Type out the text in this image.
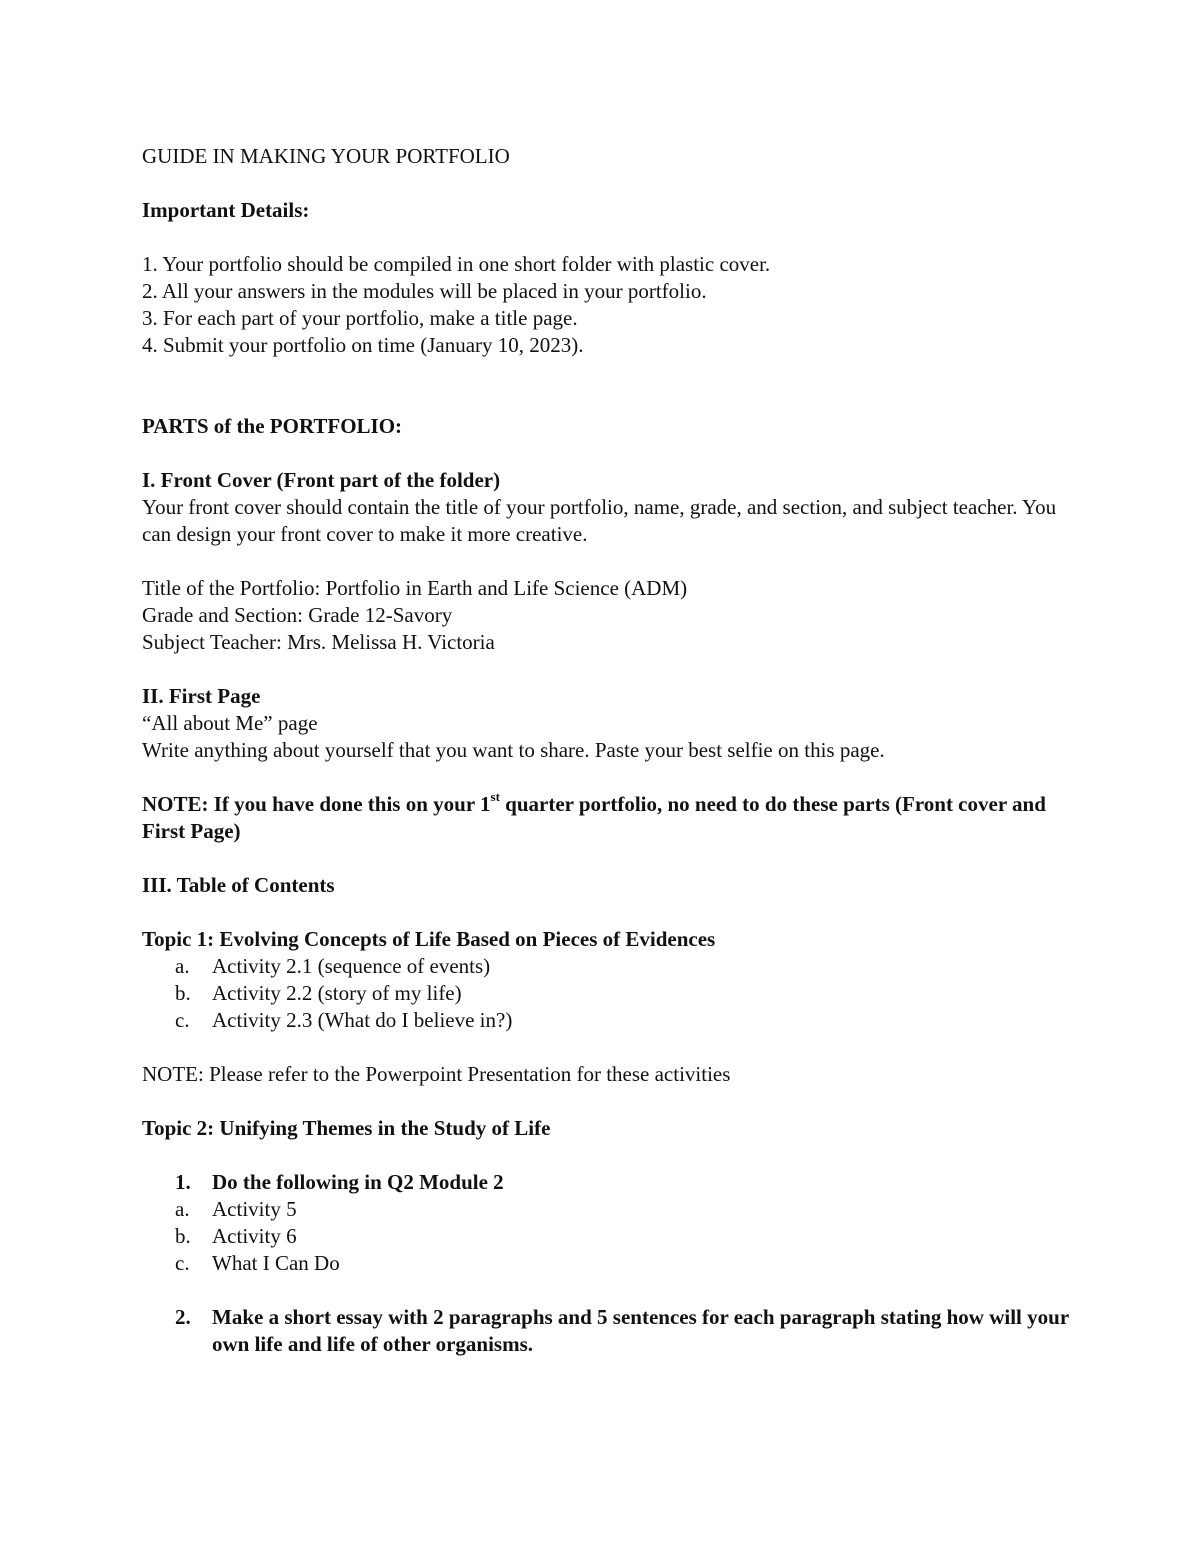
GUIDE IN MAKING YOUR PORTFOLIO

Important Details:

1. Your portfolio should be compiled in one short folder with plastic cover.

2. All your answers in the modules will be placed in your portfolio.

3. For each part of your portfolio, make a title page.

4. Submit your portfolio on time (January 10, 2023).

PARTS of the PORTFOLIO:

I. Front Cover (Front part of the folder)

Your front cover should contain the title of your portfolio, name, grade, and section, and subject teacher. You can design your front cover to make it more creative.

Title of the Portfolio: Portfolio in Earth and Life Science (ADM)

Grade and Section: Grade 12-Savory

Subject Teacher: Mrs. Melissa H. Victoria

II. First Page

“All about Me” page

Write anything about yourself that you want to share. Paste your best selfie on this page.

NOTE: If you have done this on your 1st quarter portfolio, no need to do these parts (Front cover and First Page)

III. Table of Contents

Topic 1: Evolving Concepts of Life Based on Pieces of Evidences

a. Activity 2.1 (sequence of events)
b. Activity 2.2 (story of my life)
c. Activity 2.3 (What do I believe in?)

NOTE: Please refer to the Powerpoint Presentation for these activities

Topic 2: Unifying Themes in the Study of Life

1. Do the following in Q2 Module 2
a. Activity 5
b. Activity 6
c. What I Can Do
2. Make a short essay with 2 paragraphs and 5 sentences for each paragraph stating how will your own life and life of other organisms.
